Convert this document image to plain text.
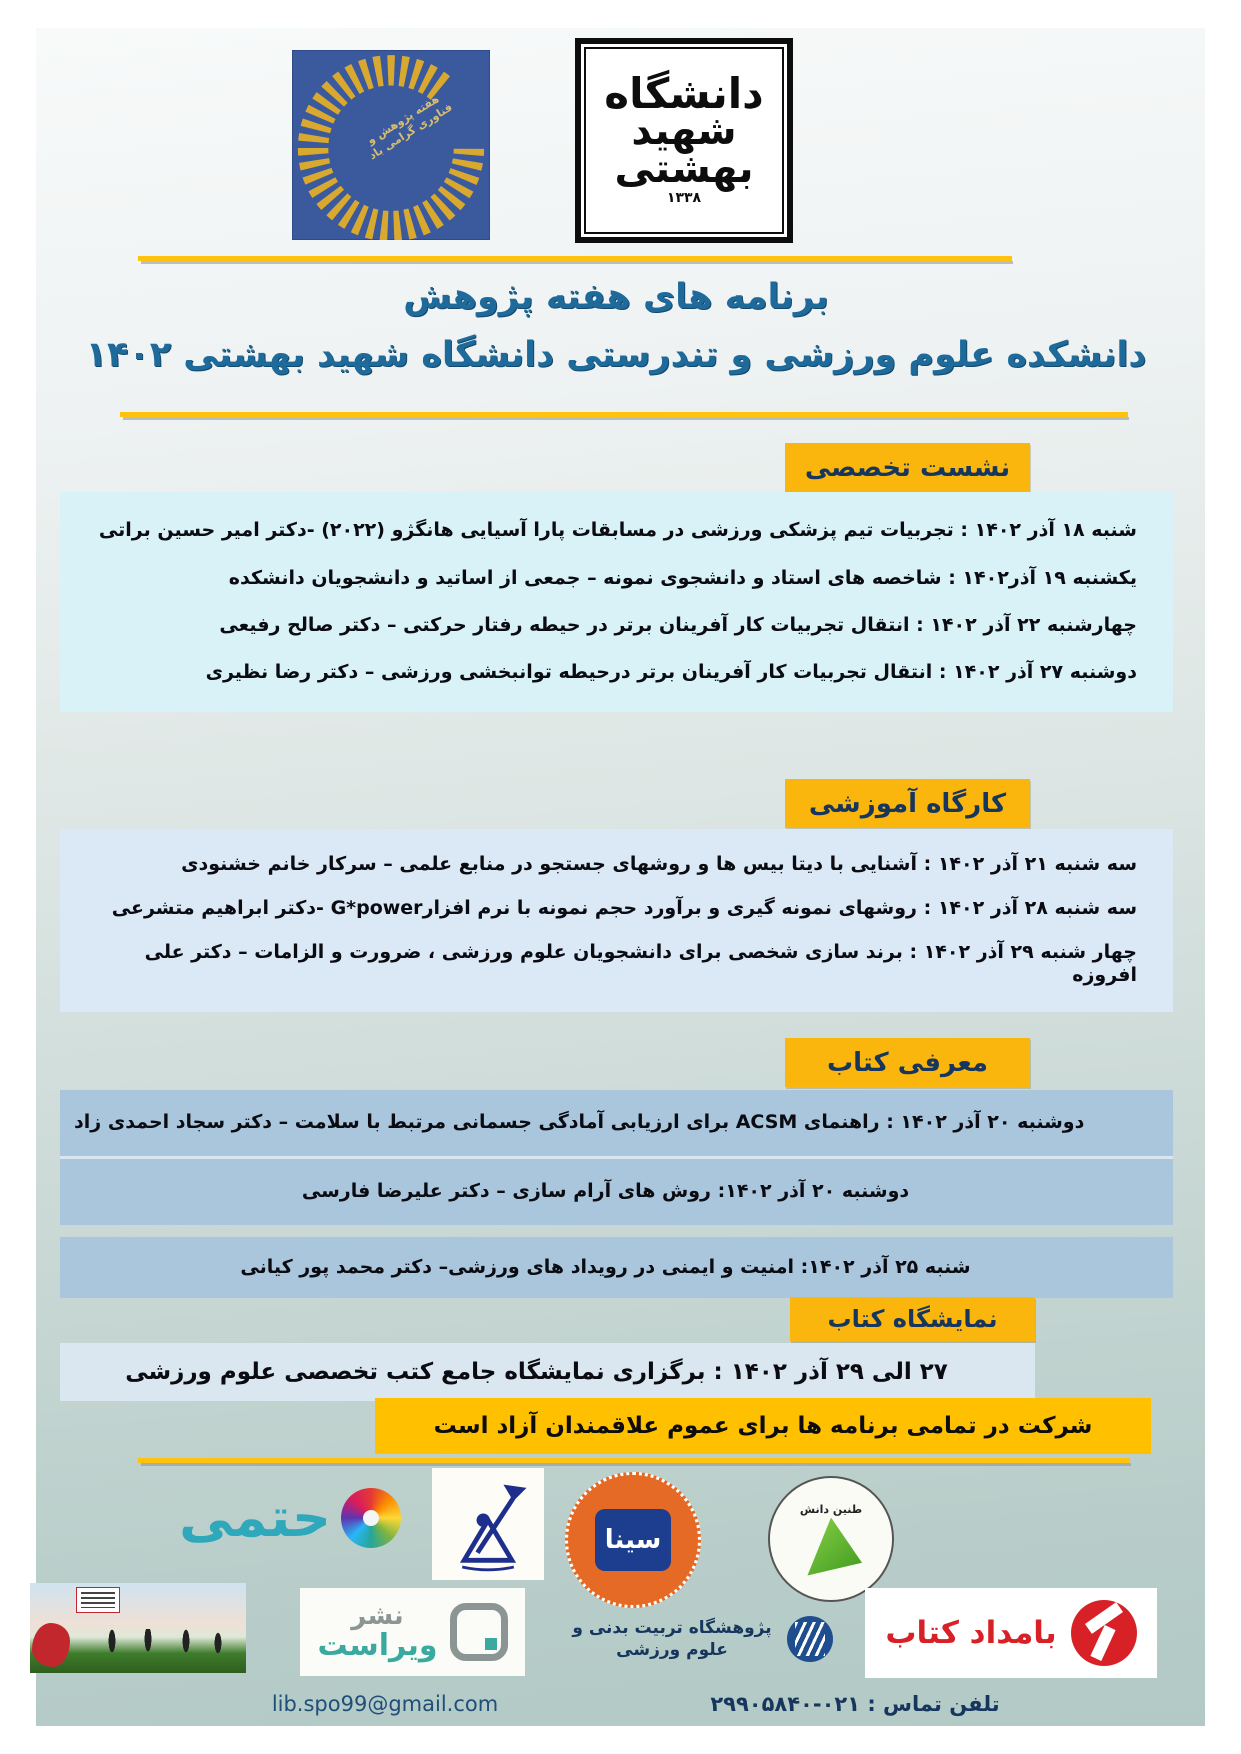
هفته پژوهش و فناوری گرامی باد
دانشگاه
شهید
بهشتی
۱۳۳۸
برنامه های هفته پژوهش
دانشکده علوم ورزشی و تندرستی دانشگاه شهید بهشتی ۱۴۰۲
نشست تخصصی
شنبه ۱۸ آذر ۱۴۰۲ : تجربیات تیم پزشکی ورزشی در مسابقات پارا آسیایی هانگژو (۲۰۲۲) -دکتر امیر حسین براتی
یکشنبه ۱۹ آذر۱۴۰۲ : شاخصه های استاد و دانشجوی نمونه – جمعی از اساتید و دانشجویان دانشکده
چهارشنبه ۲۲ آذر ۱۴۰۲ : انتقال تجربیات کار آفرینان برتر در حیطه رفتار حرکتی – دکتر صالح رفیعی
دوشنبه ۲۷ آذر ۱۴۰۲ : انتقال تجربیات کار آفرینان برتر درحیطه توانبخشی ورزشی – دکتر رضا نظیری
کارگاه آموزشی
سه شنبه ۲۱ آذر ۱۴۰۲ : آشنایی با دیتا بیس ها و روشهای جستجو در منابع علمی – سرکار خانم خشنودی
سه شنبه ۲۸ آذر ۱۴۰۲ : روشهای نمونه گیری و برآورد حجم نمونه با نرم افزارG*power -دکتر ابراهیم متشرعی
چهار شنبه ۲۹ آذر ۱۴۰۲ : برند سازی شخصی برای دانشجویان علوم ورزشی ، ضرورت و الزامات – دکتر علی افروزه
معرفی کتاب
دوشنبه ۲۰ آذر ۱۴۰۲ : راهنمای ACSM برای ارزیابی آمادگی جسمانی مرتبط با سلامت – دکتر سجاد احمدی زاد
دوشنبه ۲۰ آذر ۱۴۰۲: روش های آرام سازی – دکتر علیرضا فارسی
شنبه ۲۵ آذر ۱۴۰۲: امنیت و ایمنی در رویداد های ورزشی– دکتر محمد پور کیانی
نمایشگاه کتاب
۲۷ الی ۲۹ آذر ۱۴۰۲ : برگزاری نمایشگاه جامع کتب تخصصی علوم ورزشی
شرکت در تمامی برنامه ها برای عموم علاقمندان آزاد است
حتمی	سینا
طنین دانش
نشر
ویراست	پژوهشگاه تربیت بدنی و علوم ورزشی	بامداد کتاب
lib.spo99@gmail.com	تلفن تماس : ۰۲۱-۲۹۹۰۵۸۴۰
